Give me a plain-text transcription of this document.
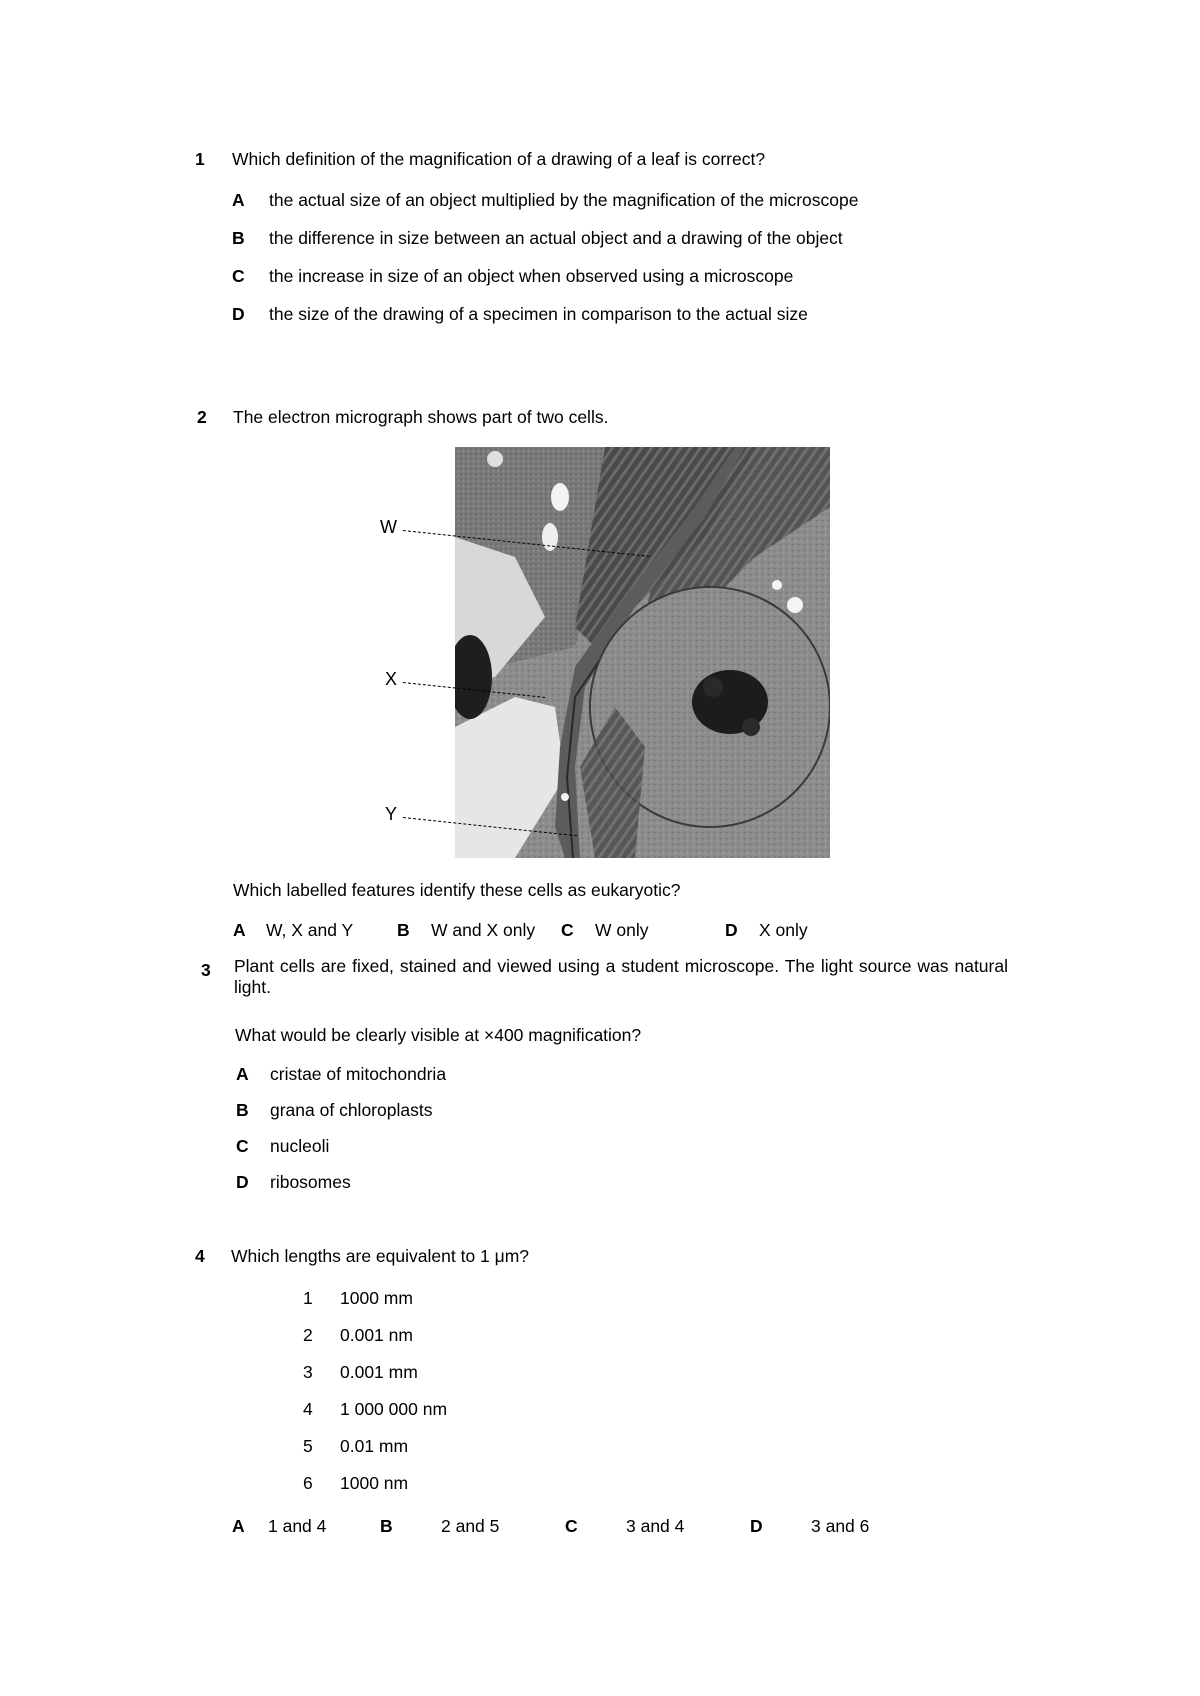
1 Which definition of the magnification of a drawing of a leaf is correct?
A the actual size of an object multiplied by the magnification of the microscope
B the difference in size between an actual object and a drawing of the object
C the increase in size of an object when observed using a microscope
D the size of the drawing of a specimen in comparison to the actual size
2 The electron micrograph shows part of two cells.
W
X
Y
Which labelled features identify these cells as eukaryotic?
A W, X and Y	B W and X only C W only	D X only
3 Plant cells are fixed, stained and viewed using a student microscope. The light source was natural light.
What would be clearly visible at ×400 magnification?
A cristae of mitochondria
B grana of chloroplasts
C nucleoli
D ribosomes
4 Which lengths are equivalent to 1 μm?
1 1000 mm
2 0.001 nm
3 0.001 mm
4 1 000 000 nm
5 0.01 mm
6 1000 nm
A 1 and 4	B	2 and 5	C	3 and 4	D	3 and 6
